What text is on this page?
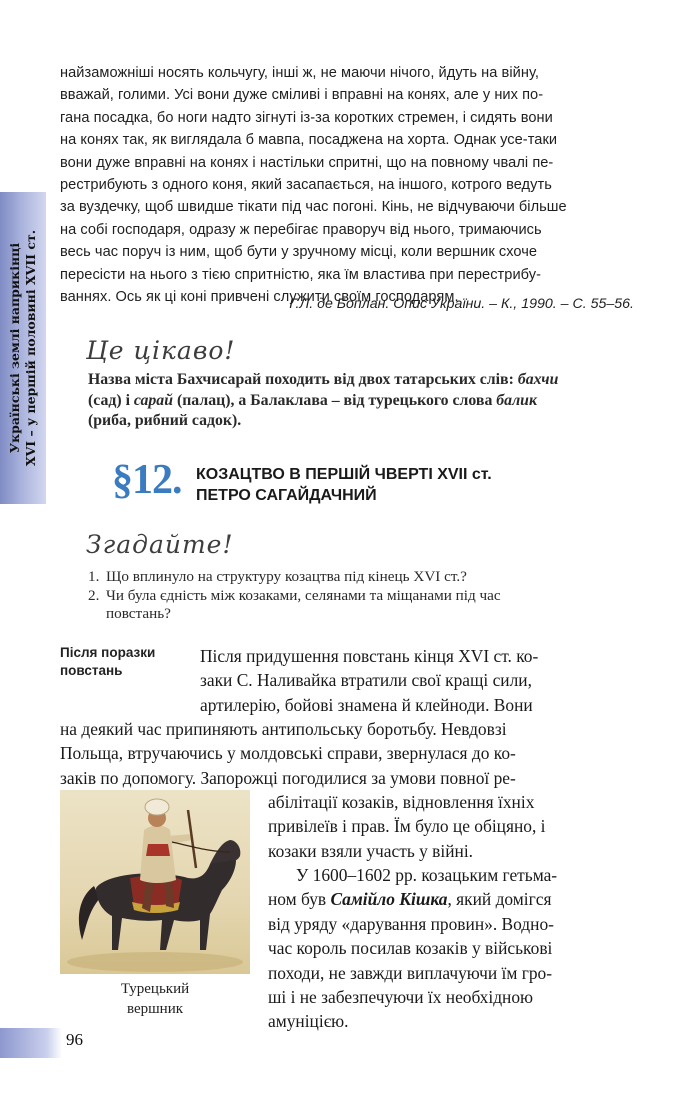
Українські землі наприкінці XVI – у першій половині XVII ст.
найзаможніші носять кольчугу, інші ж, не маючи нічого, йдуть на війну,
вважай, голими. Усі вони дуже сміливі і вправні на конях, але у них по-
гана посадка, бо ноги надто зігнуті із-за коротких стремен, і сидять вони
на конях так, як виглядала б мавпа, посаджена на хорта. Однак усе-таки
вони дуже вправні на конях і настільки спритні, що на повному чвалі пе-
рестрибують з одного коня, який засапається, на іншого, котрого ведуть
за вуздечку, щоб швидше тікати під час погоні. Кінь, не відчуваючи більше
на собі господаря, одразу ж перебігає праворуч від нього, тримаючись
весь час поруч із ним, щоб бути у зручному місці, коли вершник схоче
пересісти на нього з тією спритністю, яка їм властива при перестрибу-
ваннях. Ось як ці коні привчені служити своїм господарям.
Г.Л. де Боплан. Опис України. – К., 1990. – С. 55–56.
Це цікаво!
Назва міста Бахчисарай походить від двох татарських слів: бахчи
(сад) і сарай (палац), а Балаклава – від турецького слова балик
(риба, рибний садок).
§12. КОЗАЦТВО В ПЕРШІЙ ЧВЕРТІ XVII ст.
ПЕТРО САГАЙДАЧНИЙ
Згадайте!
1. Що вплинуло на структуру козацтва під кінець XVI ст.?
2. Чи була єдність між козаками, селянами та міщанами під час
повстань?
Після поразки повстань
Після придушення повстань кінця XVI ст. ко-
заки С. Наливайка втратили свої кращі сили,
артилерію, бойові знамена й клейноди. Вони
на деякий час припиняють антипольську боротьбу. Невдовзі
Польща, втручаючись у молдовські справи, звернулася до ко-
заків по допомогу. Запорожці погодилися за умови повної ре-
абілітації козаків, відновлення їхніх
привілеїв і прав. Їм було це обіцяно, і
козаки взяли участь у війні.
У 1600–1602 рр. козацьким гетьма-
ном був Самійло Кішка, який домігся
від уряду «дарування провин». Водно-
час король посилав козаків у військові
походи, не завжди виплачуючи їм гро-
ші і не забезпечуючи їх необхідною
амуніцією.
Турецький
вершник
96
